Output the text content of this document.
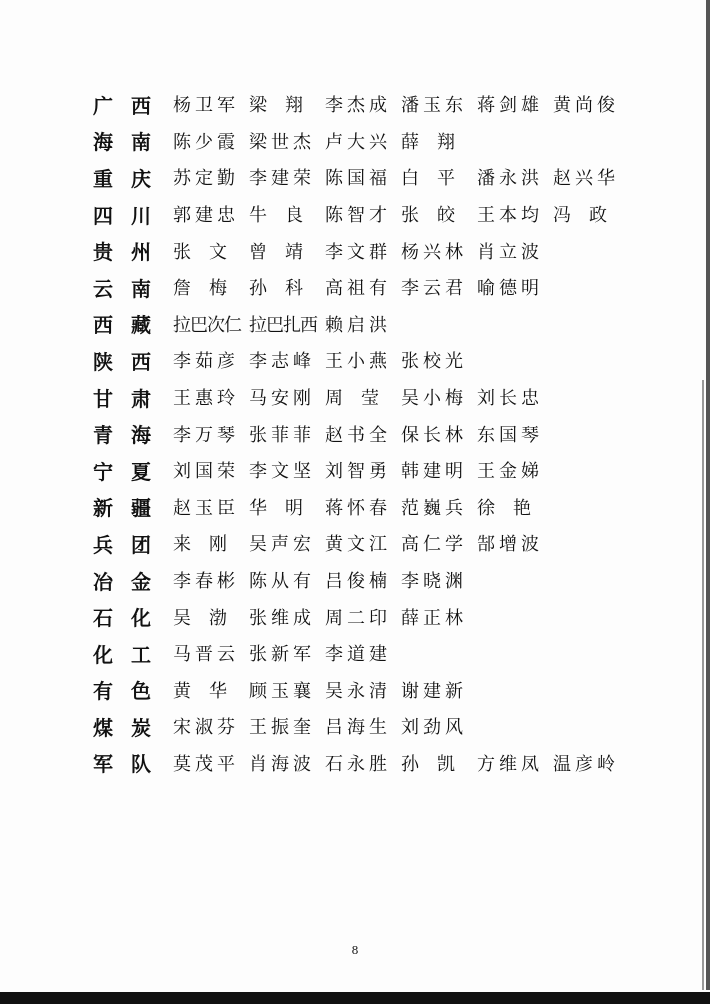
广西 杨卫军 梁 翔	李杰成 潘玉东 蒋剑雄 黄尚俊
海南 陈少霞 梁世杰 卢大兴 薛 翔
重庆 苏定勤 李建荣 陈国福 白 平	潘永洪 赵兴华
四川 郭建忠 牛 良	陈智才 张 皎	王本均 冯 政
贵州 张 文	曾 靖	李文群 杨兴林 肖立波
云南 詹 梅	孙 科	高祖有 李云君 喻德明
西藏 拉巴次仁 拉巴扎西 赖启洪
陕西 李茹彦 李志峰 王小燕 张校光
甘肃 王惠玲 马安刚 周 莹	吴小梅 刘长忠
青海 李万琴 张菲菲 赵书全 保长林 东国琴
宁夏 刘国荣 李文坚 刘智勇 韩建明 王金娣
新疆 赵玉臣 华 明	蒋怀春 范巍兵 徐 艳
兵团 来 刚	吴声宏 黄文江 高仁学 郜增波
冶金 李春彬 陈从有 吕俊楠 李晓渊
石化 吴 渤	张维成 周二印 薛正林
化工 马晋云 张新军 李道建
有色 黄 华	顾玉襄 吴永清 谢建新
煤炭 宋淑芬 王振奎 吕海生 刘劲风
军队 莫茂平 肖海波 石永胜 孙 凯	方维凤 温彦岭
8
